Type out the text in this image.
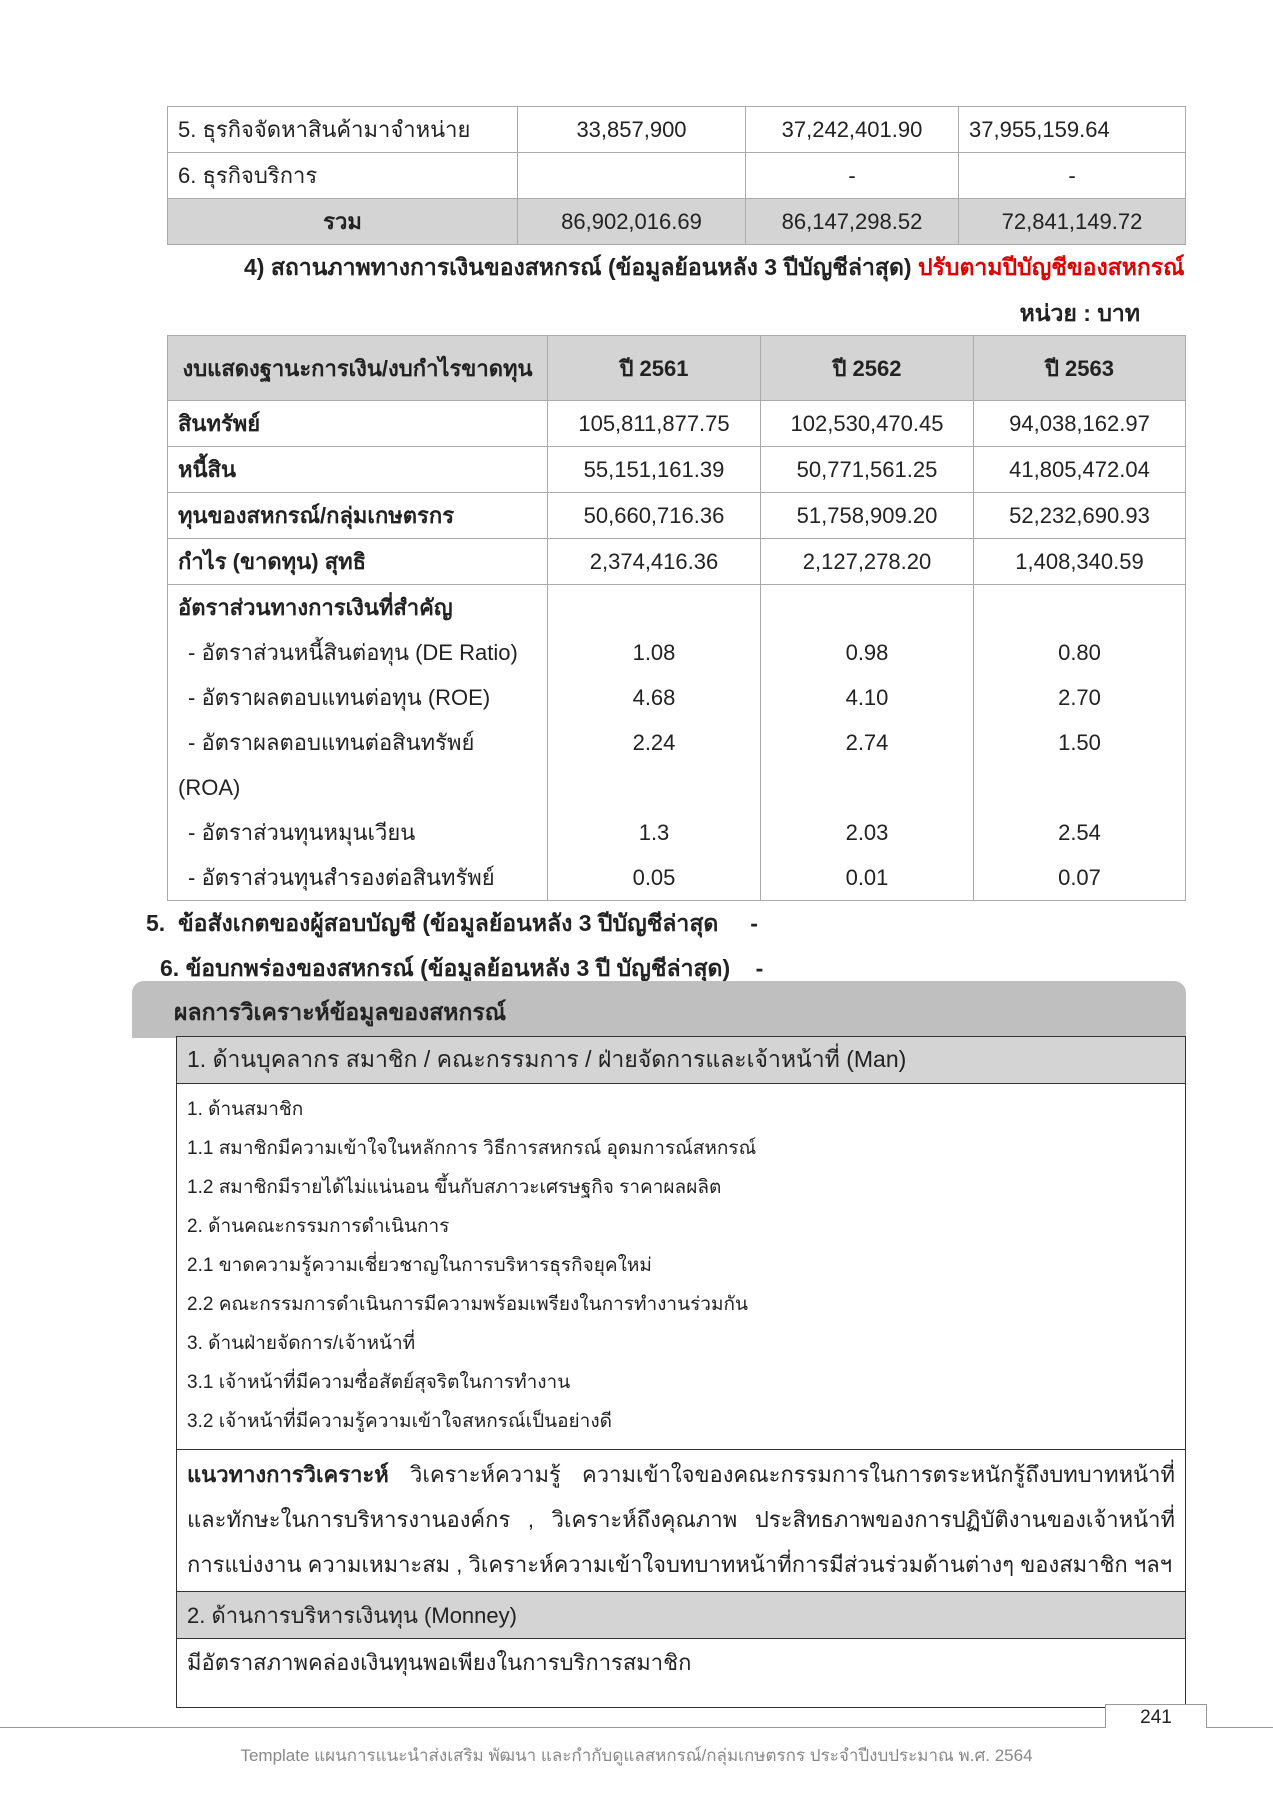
5. ธุรกิจจัดหาสินค้ามาจำหน่าย	33,857,900	37,242,401.90	37,955,159.64
6. ธุรกิจบริการ		-	-
รวม	86,902,016.69	86,147,298.52	72,841,149.72
4) สถานภาพทางการเงินของสหกรณ์ (ข้อมูลย้อนหลัง 3 ปีบัญชีล่าสุด) ปรับตามปีบัญชีของสหกรณ์
หน่วย : บาท
งบแสดงฐานะการเงิน/งบกำไรขาดทุน	ปี 2561	ปี 2562	ปี 2563
สินทรัพย์	105,811,877.75	102,530,470.45	94,038,162.97
หนี้สิน	55,151,161.39	50,771,561.25	41,805,472.04
ทุนของสหกรณ์/กลุ่มเกษตรกร	50,660,716.36	51,758,909.20	52,232,690.93
กำไร (ขาดทุน) สุทธิ	2,374,416.36	2,127,278.20	1,408,340.59
อัตราส่วนทางการเงินที่สำคัญ			
- อัตราส่วนหนี้สินต่อทุน (DE Ratio)	1.08	0.98	0.80
- อัตราผลตอบแทนต่อทุน (ROE)	4.68	4.10	2.70
- อัตราผลตอบแทนต่อสินทรัพย์	2.24	2.74	1.50
(ROA)			
- อัตราส่วนทุนหมุนเวียน	1.3	2.03	2.54
- อัตราส่วนทุนสำรองต่อสินทรัพย์	0.05	0.01	0.07
5.  ข้อสังเกตของผู้สอบบัญชี (ข้อมูลย้อนหลัง 3 ปีบัญชีล่าสุด     -
6. ข้อบกพร่องของสหกรณ์ (ข้อมูลย้อนหลัง 3 ปี บัญชีล่าสุด)    -
ผลการวิเคราะห์ข้อมูลของสหกรณ์
1. ด้านบุคลากร สมาชิก / คณะกรรมการ / ฝ่ายจัดการและเจ้าหน้าที่ (Man)

1. ด้านสมาชิก
1.1 สมาชิกมีความเข้าใจในหลักการ วิธีการสหกรณ์ อุดมการณ์สหกรณ์
1.2 สมาชิกมีรายได้ไม่แน่นอน ขึ้นกับสภาวะเศรษฐกิจ ราคาผลผลิต
2. ด้านคณะกรรมการดำเนินการ
2.1 ขาดความรู้ความเชี่ยวชาญในการบริหารธุรกิจยุคใหม่
2.2 คณะกรรมการดำเนินการมีความพร้อมเพรียงในการทำงานร่วมกัน
3. ด้านฝ่ายจัดการ/เจ้าหน้าที่
3.1 เจ้าหน้าที่มีความซื่อสัตย์สุจริตในการทำงาน
3.2 เจ้าหน้าที่มีความรู้ความเข้าใจสหกรณ์เป็นอย่างดี

แนวทางการวิเคราะห์ วิเคราะห์ความรู้ ความเข้าใจของคณะกรรมการในการตระหนักรู้ถึงบทบาทหน้าที่ และทักษะในการบริหารงานองค์กร , วิเคราะห์ถึงคุณภาพ ประสิทธภาพของการปฏิบัติงานของเจ้าหน้าที่ การแบ่งงาน ความเหมาะสม , วิเคราะห์ความเข้าใจบทบาทหน้าที่การมีส่วนร่วมด้านต่างๆ ของสมาชิก ฯลฯ
2. ด้านการบริหารเงินทุน (Monney)
มีอัตราสภาพคล่องเงินทุนพอเพียงในการบริการสมาชิก
241
Template แผนการแนะนำส่งเสริม พัฒนา และกำกับดูแลสหกรณ์/กลุ่มเกษตรกร ประจำปีงบประมาณ พ.ศ. 2564
